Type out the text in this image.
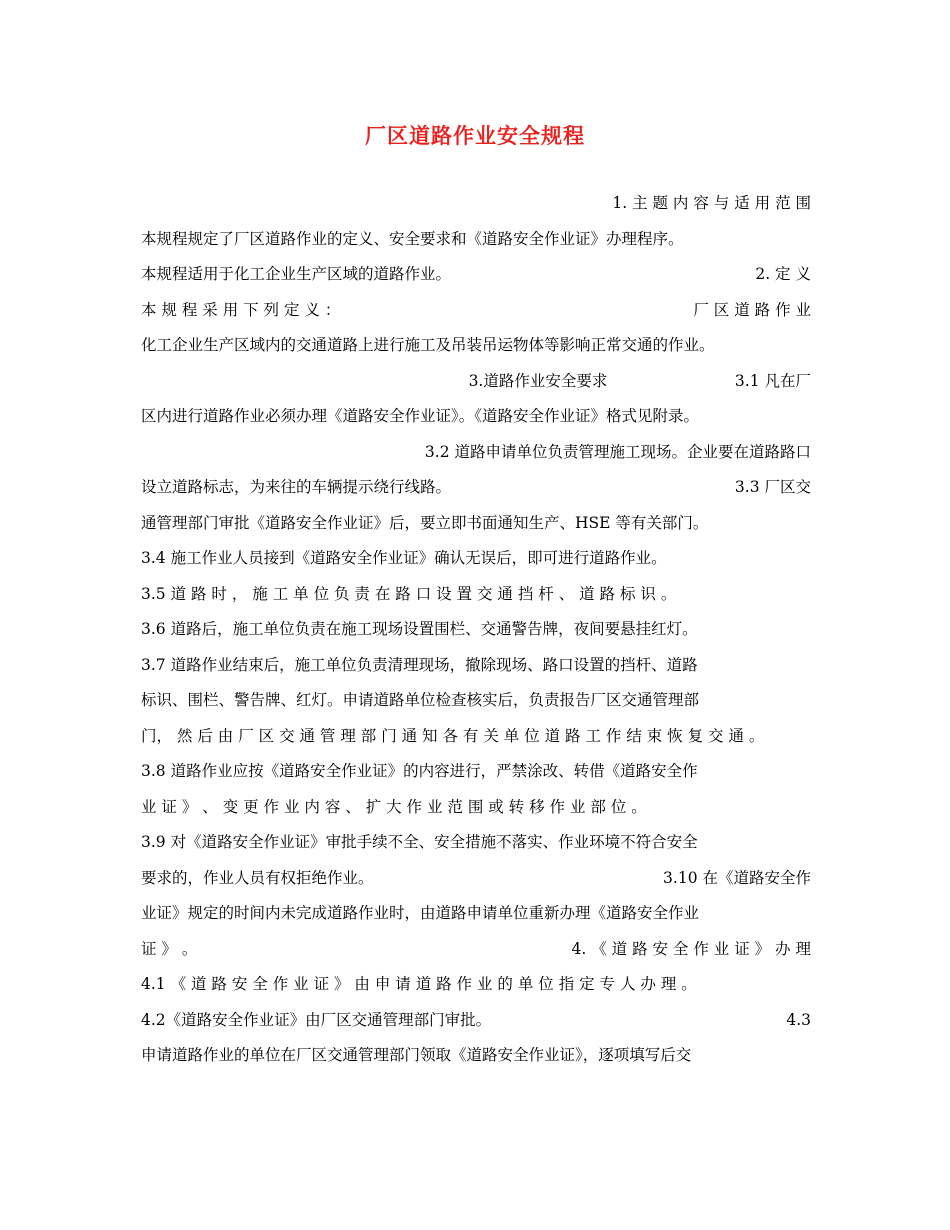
厂区道路作业安全规程
1. 主 题 内 容 与 适 用 范 围
本规程规定了厂区道路作业的定义、安全要求和《道路安全作业证》办理程序。
本规程适用于化工企业生产区域的道路作业。	2. 定 义
本 规 程 采 用 下 列 定 义 ：	厂 区 道 路 作 业
化工企业生产区域内的交通道路上进行施工及吊装吊运物体等影响正常交通的作业。
3.道路作业安全要求	3.1 凡在厂
区内进行道路作业必须办理《道路安全作业证》。《道路安全作业证》格式见附录。
3.2 道路申请单位负责管理施工现场。企业要在道路路口
设立道路标志，为来往的车辆提示绕行线路。	3.3 厂区交
通管理部门审批《道路安全作业证》后，要立即书面通知生产、HSE 等有关部门。
3.4 施工作业人员接到《道路安全作业证》确认无误后，即可进行道路作业。
3.5 道 路 时 ， 施 工 单 位 负 责 在 路 口 设 置 交 通 挡 杆 、 道 路 标 识 。
3.6 道路后，施工单位负责在施工现场设置围栏、交通警告牌，夜间要悬挂红灯。
3.7 道路作业结束后，施工单位负责清理现场，撤除现场、路口设置的挡杆、道路
标识、围栏、警告牌、红灯。申请道路单位检查核实后，负责报告厂区交通管理部
门， 然 后 由 厂 区 交 通 管 理 部 门 通 知 各 有 关 单 位 道 路 工 作 结 束 恢 复 交 通 。
3.8 道路作业应按《道路安全作业证》的内容进行，严禁涂改、转借《道路安全作
业 证 》 、 变 更 作 业 内 容 、 扩 大 作 业 范 围 或 转 移 作 业 部 位 。
3.9 对《道路安全作业证》审批手续不全、安全措施不落实、作业环境不符合安全
要求的，作业人员有权拒绝作业。	3.10 在《道路安全作
业证》规定的时间内未完成道路作业时，由道路申请单位重新办理《道路安全作业
证 》 。	4. 《 道 路 安 全 作 业 证 》 办 理
4.1 《 道 路 安 全 作 业 证 》 由 申 请 道 路 作 业 的 单 位 指 定 专 人 办 理 。
4.2《道路安全作业证》由厂区交通管理部门审批。	4.3
申请道路作业的单位在厂区交通管理部门领取《道路安全作业证》，逐项填写后交
